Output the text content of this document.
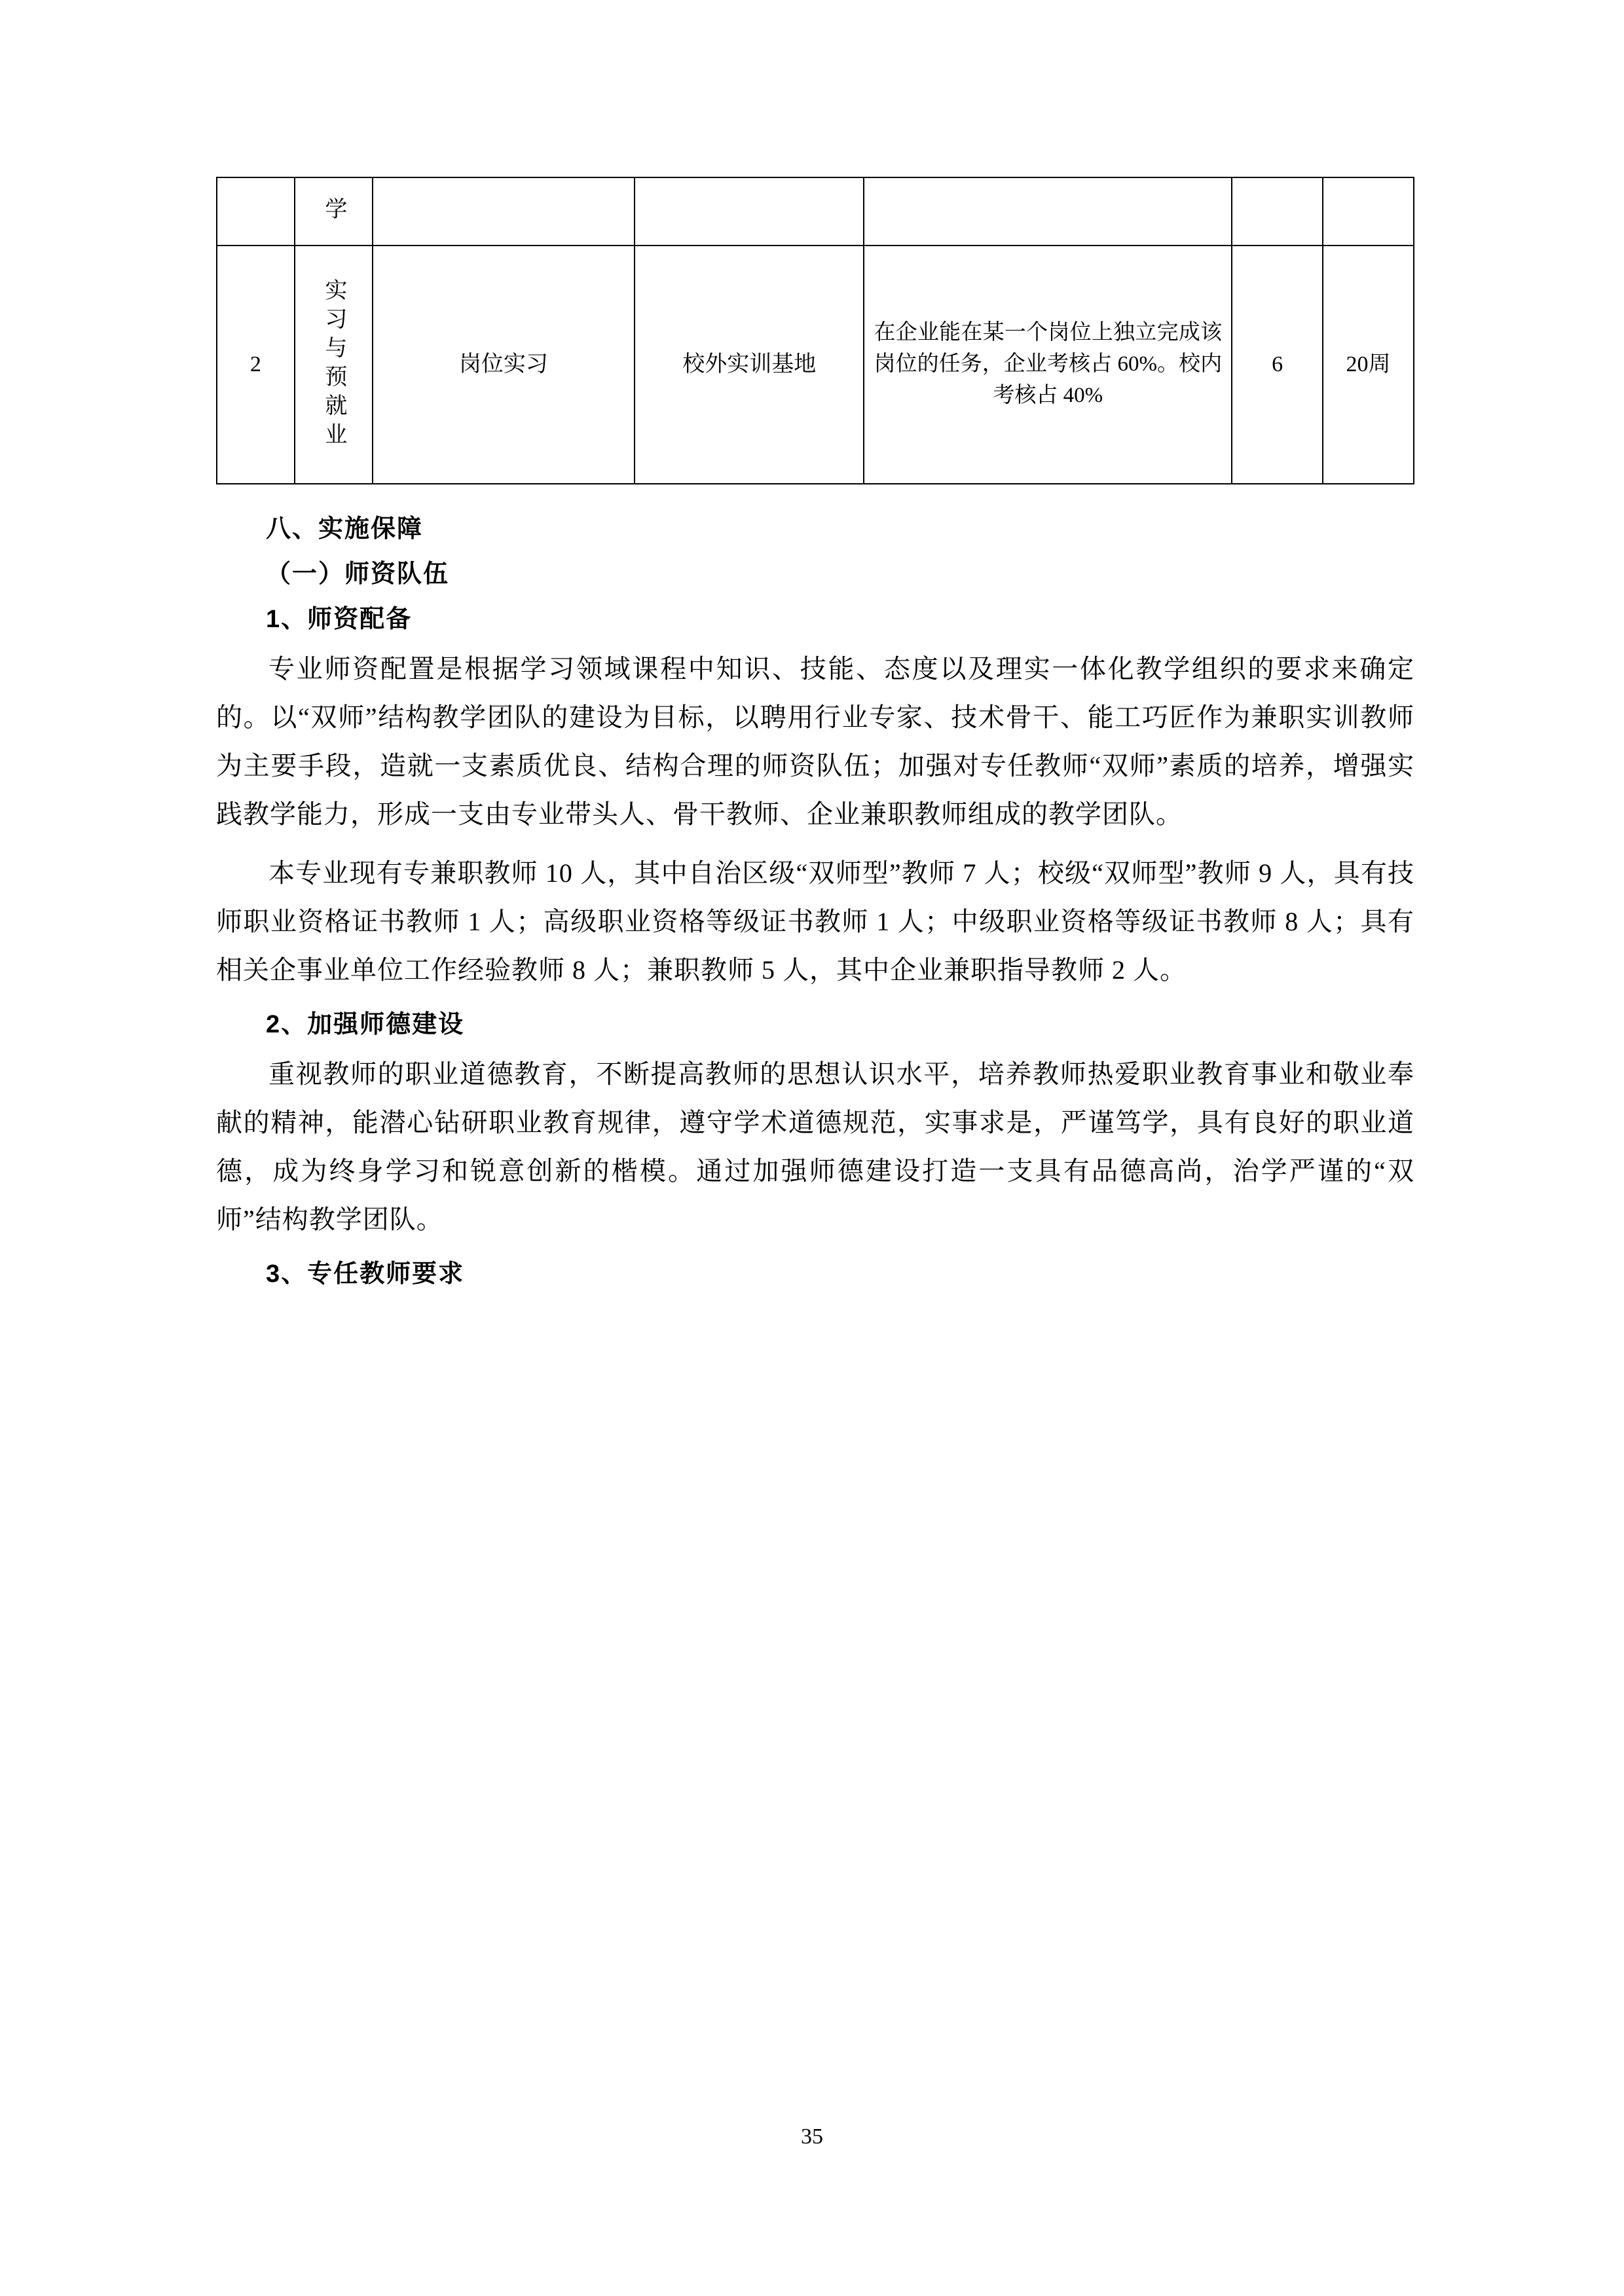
	学					

2	实习与预就业	岗位实习	校外实训基地	在企业能在某一个岗位上独立完成该岗位的任务，企业考核占 60%。校内考核占 40%	6	20周
八、实施保障
（一）师资队伍
1、师资配备

专业师资配置是根据学习领域课程中知识、技能、态度以及理实一体化教学组织的要求来确定的。以“双师”结构教学团队的建设为目标，以聘用行业专家、技术骨干、能工巧匠作为兼职实训教师为主要手段，造就一支素质优良、结构合理的师资队伍；加强对专任教师“双师”素质的培养，增强实践教学能力，形成一支由专业带头人、骨干教师、企业兼职教师组成的教学团队。

本专业现有专兼职教师 10 人，其中自治区级“双师型”教师 7 人；校级“双师型”教师 9 人，具有技师职业资格证书教师 1 人；高级职业资格等级证书教师 1 人；中级职业资格等级证书教师 8 人；具有相关企事业单位工作经验教师 8 人；兼职教师 5 人，其中企业兼职指导教师 2 人。

2、加强师德建设

重视教师的职业道德教育，不断提高教师的思想认识水平，培养教师热爱职业教育事业和敬业奉献的精神，能潜心钻研职业教育规律，遵守学术道德规范，实事求是，严谨笃学，具有良好的职业道德，成为终身学习和锐意创新的楷模。通过加强师德建设打造一支具有品德高尚，治学严谨的“双师”结构教学团队。

3、专任教师要求
35
